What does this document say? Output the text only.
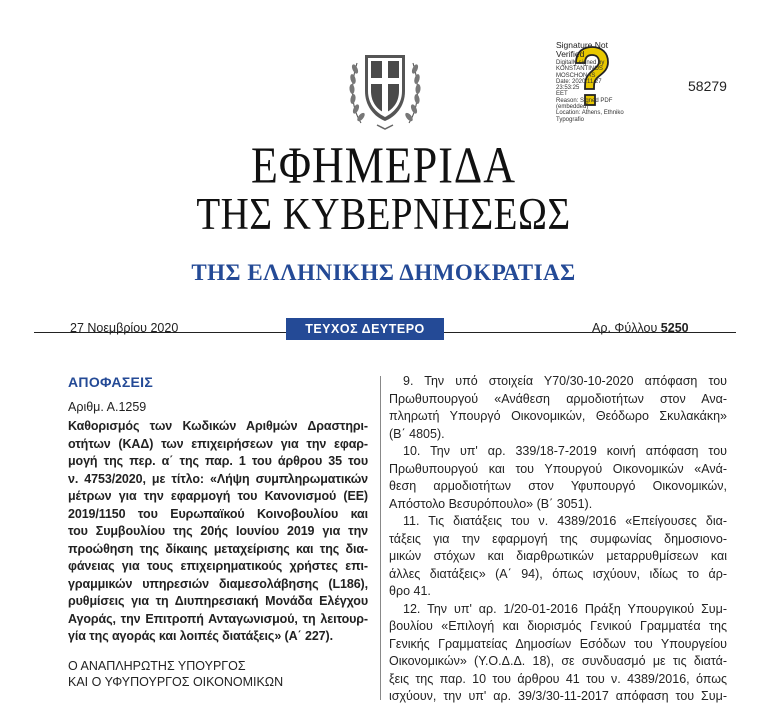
Signature Not
Verified
Digitally signed by
KONSTANTINOS
MOSCHONAS
Date: 2020.11.27 23:53:25
EET
Reason: Signed PDF
(embedded)
Location: Athens, Ethniko
Typografio
58279
ΕΦΗΜΕΡΙΔΑ
ΤΗΣ ΚΥΒΕΡΝΗΣΕΩΣ
ΤΗΣ ΕΛΛΗΝΙΚΗΣ ΔΗΜΟΚΡΑΤΙΑΣ
27 Νοεμβρίου 2020	ΤΕΥΧΟΣ ΔΕΥΤΕΡΟ	Αρ. Φύλλου 5250
ΑΠΟΦΑΣΕΙΣ
Αριθμ. Α.1259
Καθορισμός των Κωδικών Αριθμών Δραστηρι-
οτήτων (ΚΑΔ) των επιχειρήσεων για την εφαρ-
μογή της περ. α΄ της παρ. 1 του άρθρου 35 του
ν. 4753/2020, με τίτλο: «Λήψη συμπληρωματικών
μέτρων για την εφαρμογή του Κανονισμού (ΕΕ)
2019/1150 του Ευρωπαϊκού Κοινοβουλίου και
του Συμβουλίου της 20ής Ιουνίου 2019 για την
προώθηση της δίκαιης μεταχείρισης και της δια-
φάνειας για τους επιχειρηματικούς χρήστες επι-
γραμμικών υπηρεσιών διαμεσολάβησης (L186),
ρυθμίσεις για τη Διυπηρεσιακή Μονάδα Ελέγχου
Αγοράς, την Επιτροπή Ανταγωνισμού, τη λειτουρ-
γία της αγοράς και λοιπές διατάξεις» (Α΄ 227).
Ο ΑΝΑΠΛΗΡΩΤΗΣ ΥΠΟΥΡΓΟΣ
ΚΑΙ Ο ΥΦΥΠΟΥΡΓΟΣ ΟΙΚΟΝΟΜΙΚΩΝ
9. Την υπό στοιχεία Υ70/30-10-2020 απόφαση του
Πρωθυπουργού «Ανάθεση αρμοδιοτήτων στον Ανα-
πληρωτή Υπουργό Οικονομικών, Θεόδωρο Σκυλακάκη»
(Β΄ 4805).
10. Την υπ' αρ. 339/18-7-2019 κοινή απόφαση του
Πρωθυπουργού και του Υπουργού Οικονομικών «Ανά-
θεση αρμοδιοτήτων στον Υφυπουργό Οικονομικών,
Απόστολο Βεσυρόπουλο» (Β΄ 3051).
11. Τις διατάξεις του ν. 4389/2016 «Επείγουσες δια-
τάξεις για την εφαρμογή της συμφωνίας δημοσιονο-
μικών στόχων και διαρθρωτικών μεταρρυθμίσεων και
άλλες διατάξεις» (Α΄ 94), όπως ισχύουν, ιδίως το άρ-
θρο 41.
12. Την υπ' αρ. 1/20-01-2016 Πράξη Υπουργικού Συμ-
βουλίου «Επιλογή και διορισμός Γενικού Γραμματέα της
Γενικής Γραμματείας Δημοσίων Εσόδων του Υπουργείου
Οικονομικών» (Υ.Ο.Δ.Δ. 18), σε συνδυασμό με τις διατά-
ξεις της παρ. 10 του άρθρου 41 του ν. 4389/2016, όπως
ισχύουν, την υπ' αρ. 39/3/30-11-2017 απόφαση του Συμ-
